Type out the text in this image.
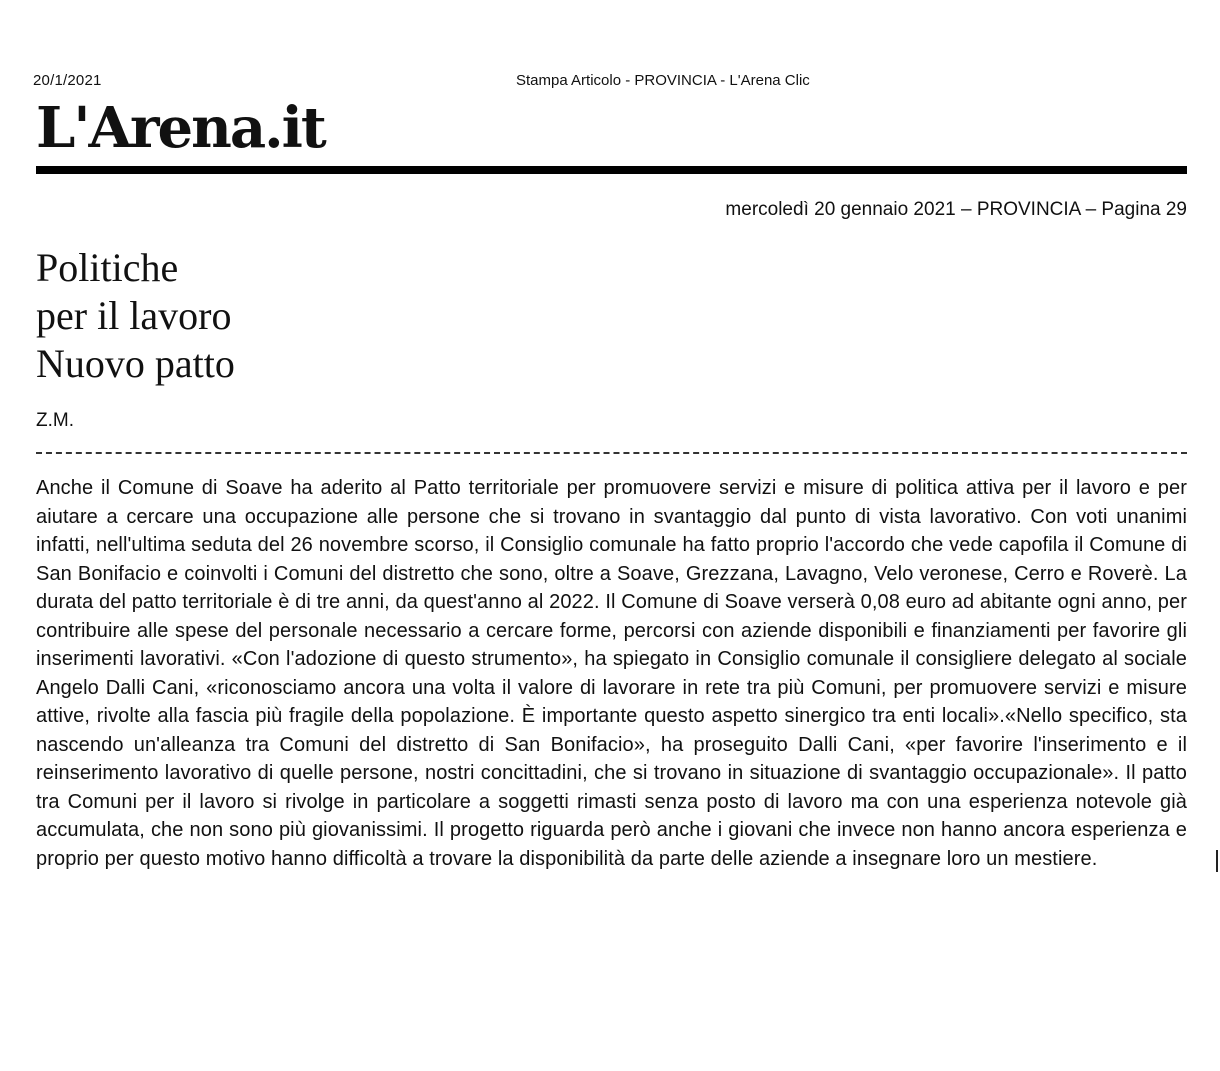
20/1/2021	Stampa Articolo - PROVINCIA - L'Arena Clic
L'Arena.it
mercoledì 20 gennaio 2021 – PROVINCIA – Pagina 29
Politiche
per il lavoro
Nuovo patto
Z.M.

Anche il Comune di Soave ha aderito al Patto territoriale per promuovere servizi e misure di politica attiva per il lavoro e per aiutare a cercare una occupazione alle persone che si trovano in svantaggio dal punto di vista lavorativo. Con voti unanimi infatti, nell'ultima seduta del 26 novembre scorso, il Consiglio comunale ha fatto proprio l'accordo che vede capofila il Comune di San Bonifacio e coinvolti i Comuni del distretto che sono, oltre a Soave, Grezzana, Lavagno, Velo veronese, Cerro e Roverè. La durata del patto territoriale è di tre anni, da quest'anno al 2022. Il Comune di Soave verserà 0,08 euro ad abitante ogni anno, per contribuire alle spese del personale necessario a cercare forme, percorsi con aziende disponibili e finanziamenti per favorire gli inserimenti lavorativi. «Con l'adozione di questo strumento», ha spiegato in Consiglio comunale il consigliere delegato al sociale Angelo Dalli Cani, «riconosciamo ancora una volta il valore di lavorare in rete tra più Comuni, per promuovere servizi e misure attive, rivolte alla fascia più fragile della popolazione. È importante questo aspetto sinergico tra enti locali».«Nello specifico, sta nascendo un'alleanza tra Comuni del distretto di San Bonifacio», ha proseguito Dalli Cani, «per favorire l'inserimento e il reinserimento lavorativo di quelle persone, nostri concittadini, che si trovano in situazione di svantaggio occupazionale». Il patto tra Comuni per il lavoro si rivolge in particolare a soggetti rimasti senza posto di lavoro ma con una esperienza notevole già accumulata, che non sono più giovanissimi. Il progetto riguarda però anche i giovani che invece non hanno ancora esperienza e proprio per questo motivo hanno difficoltà a trovare la disponibilità da parte delle aziende a insegnare loro un mestiere.
